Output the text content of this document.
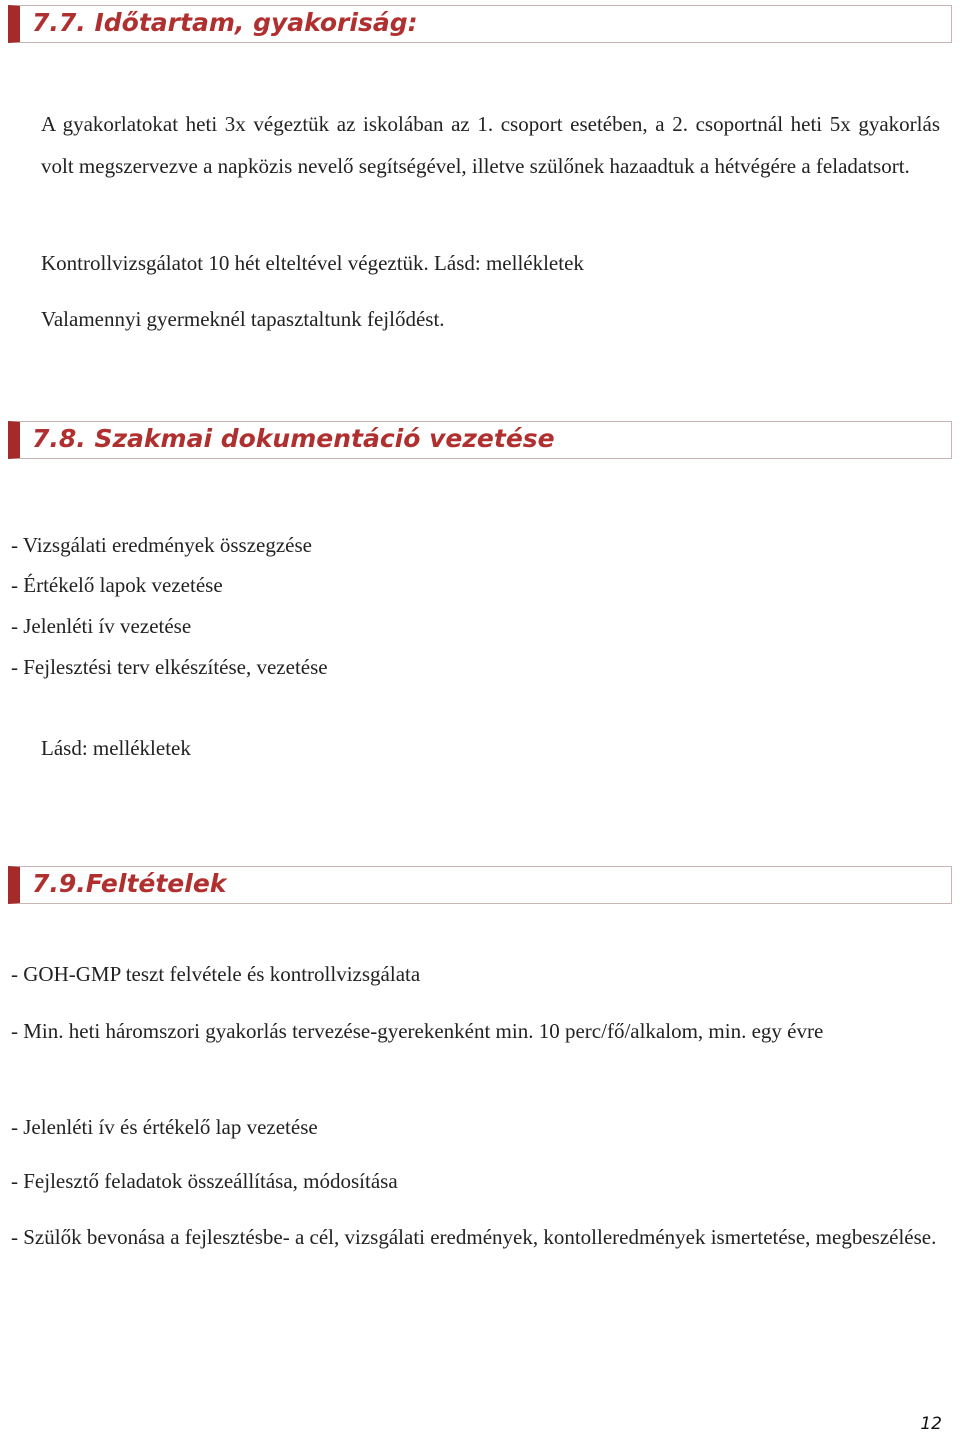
7.7. Időtartam, gyakoriság:
A gyakorlatokat heti 3x végeztük az iskolában az 1. csoport esetében, a 2. csoportnál heti 5x gyakorlás volt megszervezve a napközis nevelő segítségével, illetve szülőnek hazaadtuk a hétvégére a feladatsort.
Kontrollvizsgálatot 10 hét elteltével végeztük. Lásd: mellékletek
Valamennyi gyermeknél tapasztaltunk fejlődést.
7.8. Szakmai dokumentáció vezetése
- Vizsgálati eredmények összegzése
- Értékelő lapok vezetése
- Jelenléti ív vezetése
- Fejlesztési terv elkészítése, vezetése
Lásd: mellékletek
7.9.Feltételek
- GOH-GMP teszt felvétele és kontrollvizsgálata
- Min. heti háromszori gyakorlás tervezése-gyerekenként min. 10 perc/fő/alkalom, min. egy évre
- Jelenléti ív és értékelő lap vezetése
- Fejlesztő feladatok összeállítása, módosítása
- Szülők bevonása a fejlesztésbe- a cél, vizsgálati eredmények, kontolleredmények ismertetése, megbeszélése.
12
